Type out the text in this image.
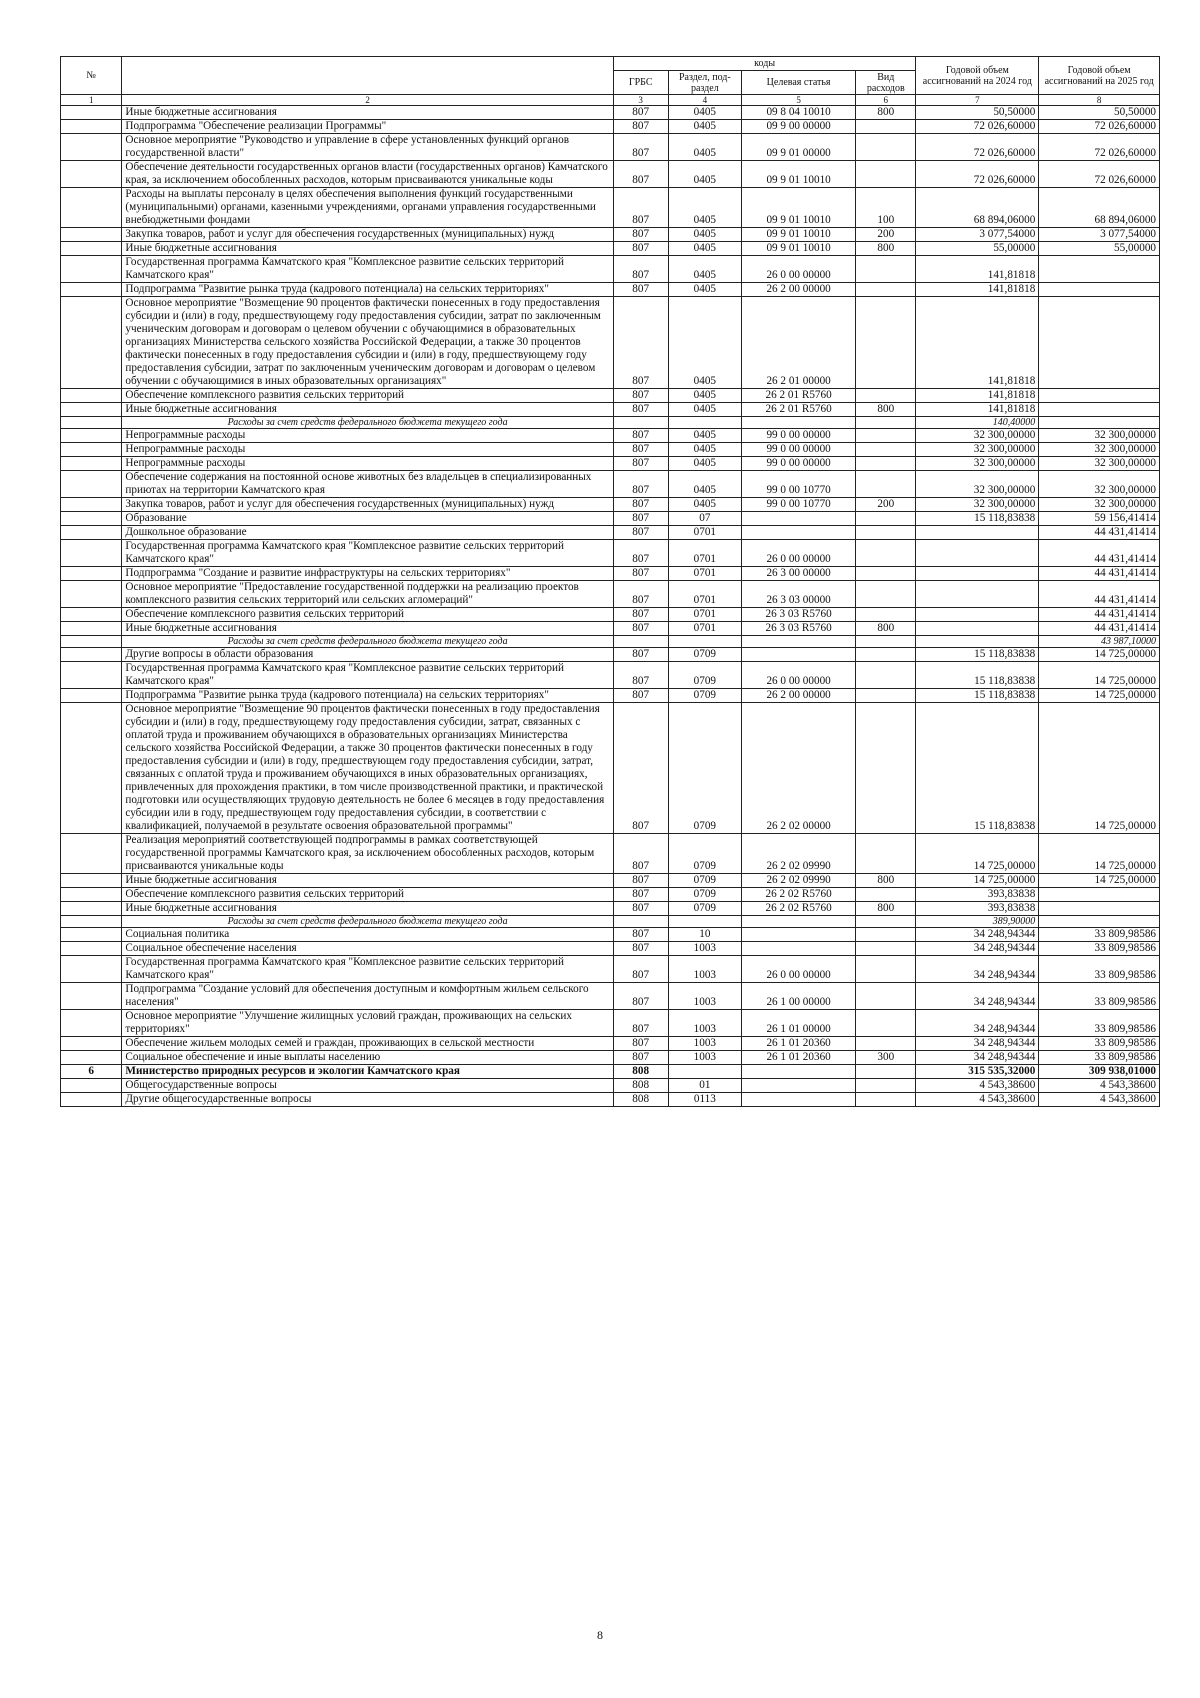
№		коды				Годовой объем ассигнований на 2024 год	Годовой объем ассигнований на 2025 год
		ГРБС	Раздел, под-раздел	Целевая статья	Вид расходов		
1	2	3	4	5	6	7	8
	Иные бюджетные ассигнования	807	0405	09 8 04 10010	800	50,50000	50,50000
	Подпрограмма "Обеспечение реализации Программы"	807	0405	09 9 00 00000		72 026,60000	72 026,60000
	Основное мероприятие "Руководство и управление в сфере установленных функций органов государственной власти"	807	0405	09 9 01 00000		72 026,60000	72 026,60000
	Обеспечение деятельности государственных органов власти (государственных органов) Камчатского края, за исключением обособленных расходов, которым присваиваются уникальные коды	807	0405	09 9 01 10010		72 026,60000	72 026,60000
	Расходы на выплаты персоналу в целях обеспечения выполнения функций государственными (муниципальными) органами, казенными учреждениями, органами управления государственными внебюджетными фондами	807	0405	09 9 01 10010	100	68 894,06000	68 894,06000
	Закупка товаров, работ и услуг для обеспечения государственных (муниципальных) нужд	807	0405	09 9 01 10010	200	3 077,54000	3 077,54000
	Иные бюджетные ассигнования	807	0405	09 9 01 10010	800	55,00000	55,00000
	Государственная программа Камчатского края "Комплексное развитие сельских территорий Камчатского края"	807	0405	26 0 00 00000		141,81818	
	Подпрограмма "Развитие рынка труда (кадрового потенциала) на сельских территориях"	807	0405	26 2 00 00000		141,81818	
	Основное мероприятие "Возмещение 90 процентов фактически понесенных в году предоставления субсидии и (или) в году, предшествующему году предоставления субсидии, затрат по заключенным ученическим договорам и договорам о целевом обучении с обучающимися в образовательных организациях Министерства сельского хозяйства Российской Федерации, а также 30 процентов фактически понесенных в году предоставления субсидии и (или) в году, предшествующему году предоставления субсидии, затрат по заключенным ученическим договорам и договорам о целевом обучении с обучающимися в иных образовательных организациях"	807	0405	26 2 01 00000		141,81818	
	Обеспечение комплексного развития сельских территорий	807	0405	26 2 01 R5760		141,81818	
	Иные бюджетные ассигнования	807	0405	26 2 01 R5760	800	141,81818	
	Расходы за счет средств федерального бюджета текущего года					140,40000	
	Непрограммные расходы	807	0405	99 0 00 00000		32 300,00000	32 300,00000
	Непрограммные расходы	807	0405	99 0 00 00000		32 300,00000	32 300,00000
	Непрограммные расходы	807	0405	99 0 00 00000		32 300,00000	32 300,00000
	Обеспечение содержания на постоянной основе животных без владельцев в специализированных приютах на территории Камчатского края	807	0405	99 0 00 10770		32 300,00000	32 300,00000
	Закупка товаров, работ и услуг для обеспечения государственных (муниципальных) нужд	807	0405	99 0 00 10770	200	32 300,00000	32 300,00000
	Образование	807	07			15 118,83838	59 156,41414
	Дошкольное образование	807	0701				44 431,41414
	Государственная программа Камчатского края "Комплексное развитие сельских территорий Камчатского края"	807	0701	26 0 00 00000			44 431,41414
	Подпрограмма "Создание и развитие инфраструктуры на сельских территориях"	807	0701	26 3 00 00000			44 431,41414
	Основное мероприятие "Предоставление государственной поддержки на реализацию проектов комплексного развития сельских территорий или сельских агломераций"	807	0701	26 3 03 00000			44 431,41414
	Обеспечение комплексного развития сельских территорий	807	0701	26 3 03 R5760			44 431,41414
	Иные бюджетные ассигнования	807	0701	26 3 03 R5760	800		44 431,41414
	Расходы за счет средств федерального бюджета текущего года						43 987,10000
	Другие вопросы в области образования	807	0709			15 118,83838	14 725,00000
	Государственная программа Камчатского края "Комплексное развитие сельских территорий Камчатского края"	807	0709	26 0 00 00000		15 118,83838	14 725,00000
	Подпрограмма "Развитие рынка труда (кадрового потенциала) на сельских территориях"	807	0709	26 2 00 00000		15 118,83838	14 725,00000
	Основное мероприятие "Возмещение 90 процентов фактически понесенных в году предоставления субсидии и (или) в году, предшествующему году предоставления субсидии, затрат, связанных с оплатой труда и проживанием обучающихся в образовательных организациях Министерства сельского хозяйства Российской Федерации, а также 30 процентов фактически понесенных в году предоставления субсидии и (или) в году, предшествующем году предоставления субсидии, затрат, связанных с оплатой труда и проживанием обучающихся в иных образовательных организациях, привлеченных для прохождения практики, в том числе производственной практики, и практической подготовки или осуществляющих трудовую деятельность не более 6 месяцев в году предоставления субсидии или в году, предшествующем году предоставления субсидии, в соответствии с квалификацией, получаемой в результате освоения образовательной программы"	807	0709	26 2 02 00000		15 118,83838	14 725,00000
	Реализация мероприятий соответствующей подпрограммы в рамках соответствующей государственной программы Камчатского края, за исключением обособленных расходов, которым присваиваются уникальные коды	807	0709	26 2 02 09990		14 725,00000	14 725,00000
	Иные бюджетные ассигнования	807	0709	26 2 02 09990	800	14 725,00000	14 725,00000
	Обеспечение комплексного развития сельских территорий	807	0709	26 2 02 R5760		393,83838	
	Иные бюджетные ассигнования	807	0709	26 2 02 R5760	800	393,83838	
	Расходы за счет средств федерального бюджета текущего года					389,90000	
	Социальная политика	807	10			34 248,94344	33 809,98586
	Социальное обеспечение населения	807	1003			34 248,94344	33 809,98586
	Государственная программа Камчатского края "Комплексное развитие сельских территорий Камчатского края"	807	1003	26 0 00 00000		34 248,94344	33 809,98586
	Подпрограмма "Создание условий для обеспечения доступным и комфортным жильем сельского населения"	807	1003	26 1 00 00000		34 248,94344	33 809,98586
	Основное мероприятие "Улучшение жилищных условий граждан, проживающих на сельских территориях"	807	1003	26 1 01 00000		34 248,94344	33 809,98586
	Обеспечение жильем молодых семей и граждан, проживающих в сельской местности	807	1003	26 1 01 20360		34 248,94344	33 809,98586
	Социальное обеспечение и иные выплаты населению	807	1003	26 1 01 20360	300	34 248,94344	33 809,98586
6	Министерство природных ресурсов и экологии Камчатского края	808				315 535,32000	309 938,01000
	Общегосударственные вопросы	808	01			4 543,38600	4 543,38600
	Другие общегосударственные вопросы	808	0113			4 543,38600	4 543,38600
8
